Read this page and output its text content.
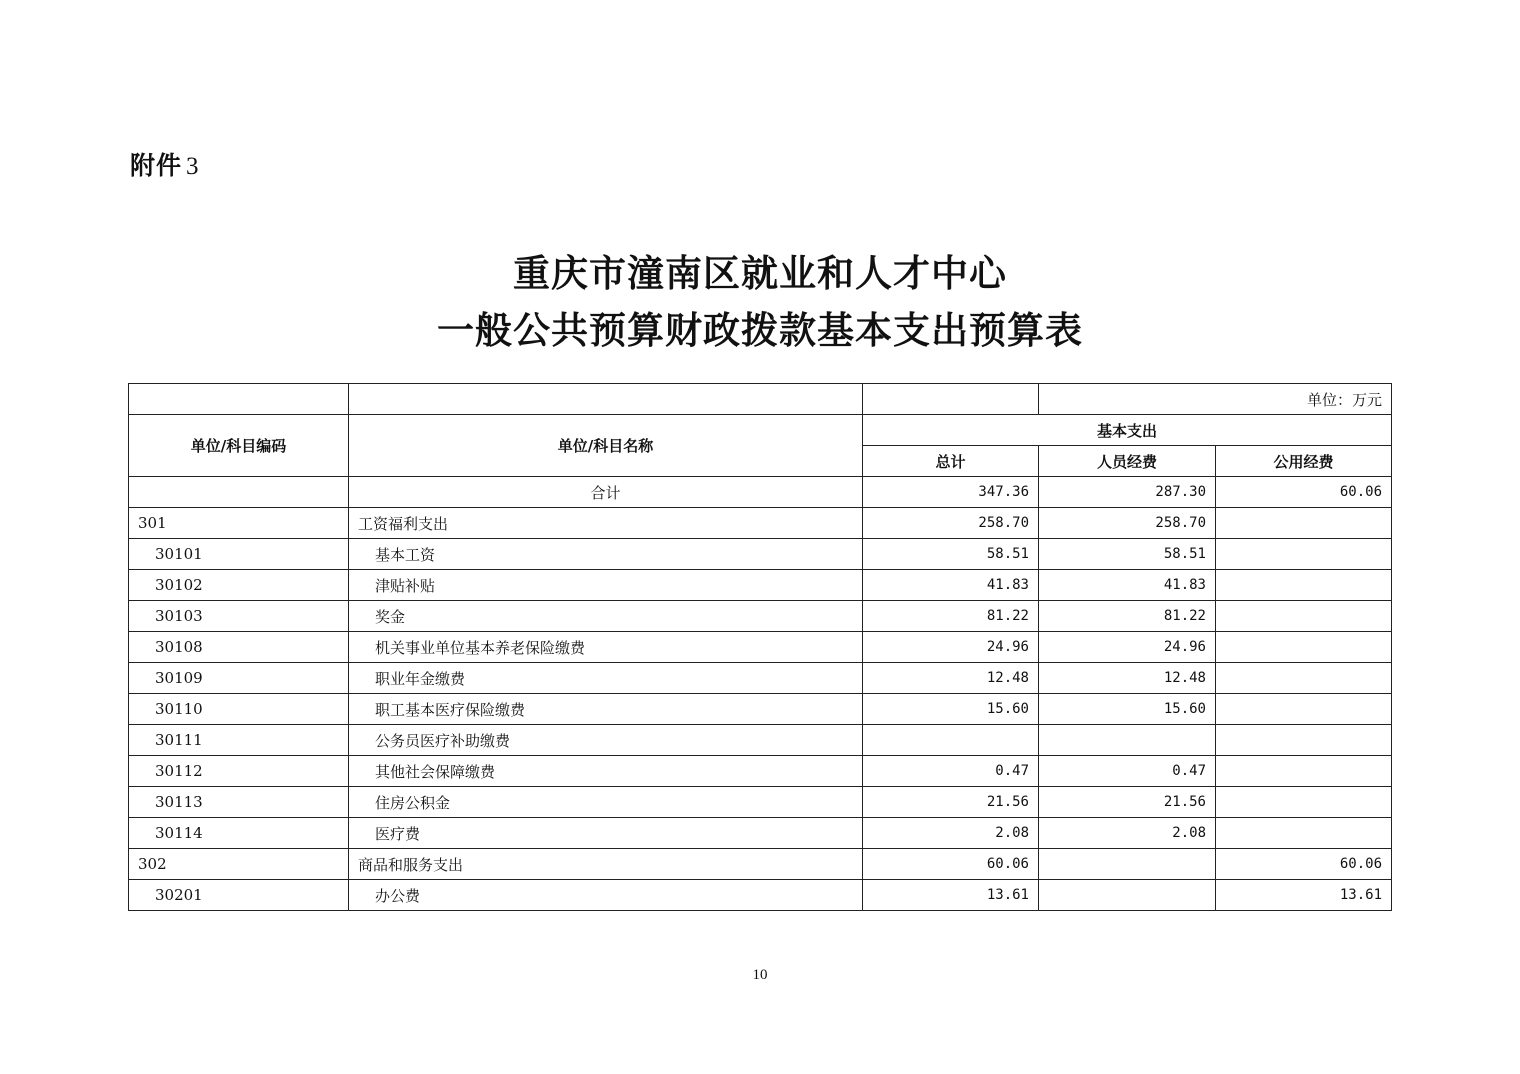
附件 3
重庆市潼南区就业和人才中心
一般公共预算财政拨款基本支出预算表
			单位：万元	
单位/科目编码	单位/科目名称	基本支出		
		总计	人员经费	公用经费
	合计	347.36	287.30	60.06
301	工资福利支出	258.70	258.70	
30101	基本工资	58.51	58.51	
30102	津贴补贴	41.83	41.83	
30103	奖金	81.22	81.22	
30108	机关事业单位基本养老保险缴费	24.96	24.96	
30109	职业年金缴费	12.48	12.48	
30110	职工基本医疗保险缴费	15.60	15.60	
30111	公务员医疗补助缴费			
30112	其他社会保障缴费	0.47	0.47	
30113	住房公积金	21.56	21.56	
30114	医疗费	2.08	2.08	
302	商品和服务支出	60.06		60.06
30201	办公费	13.61		13.61
10
